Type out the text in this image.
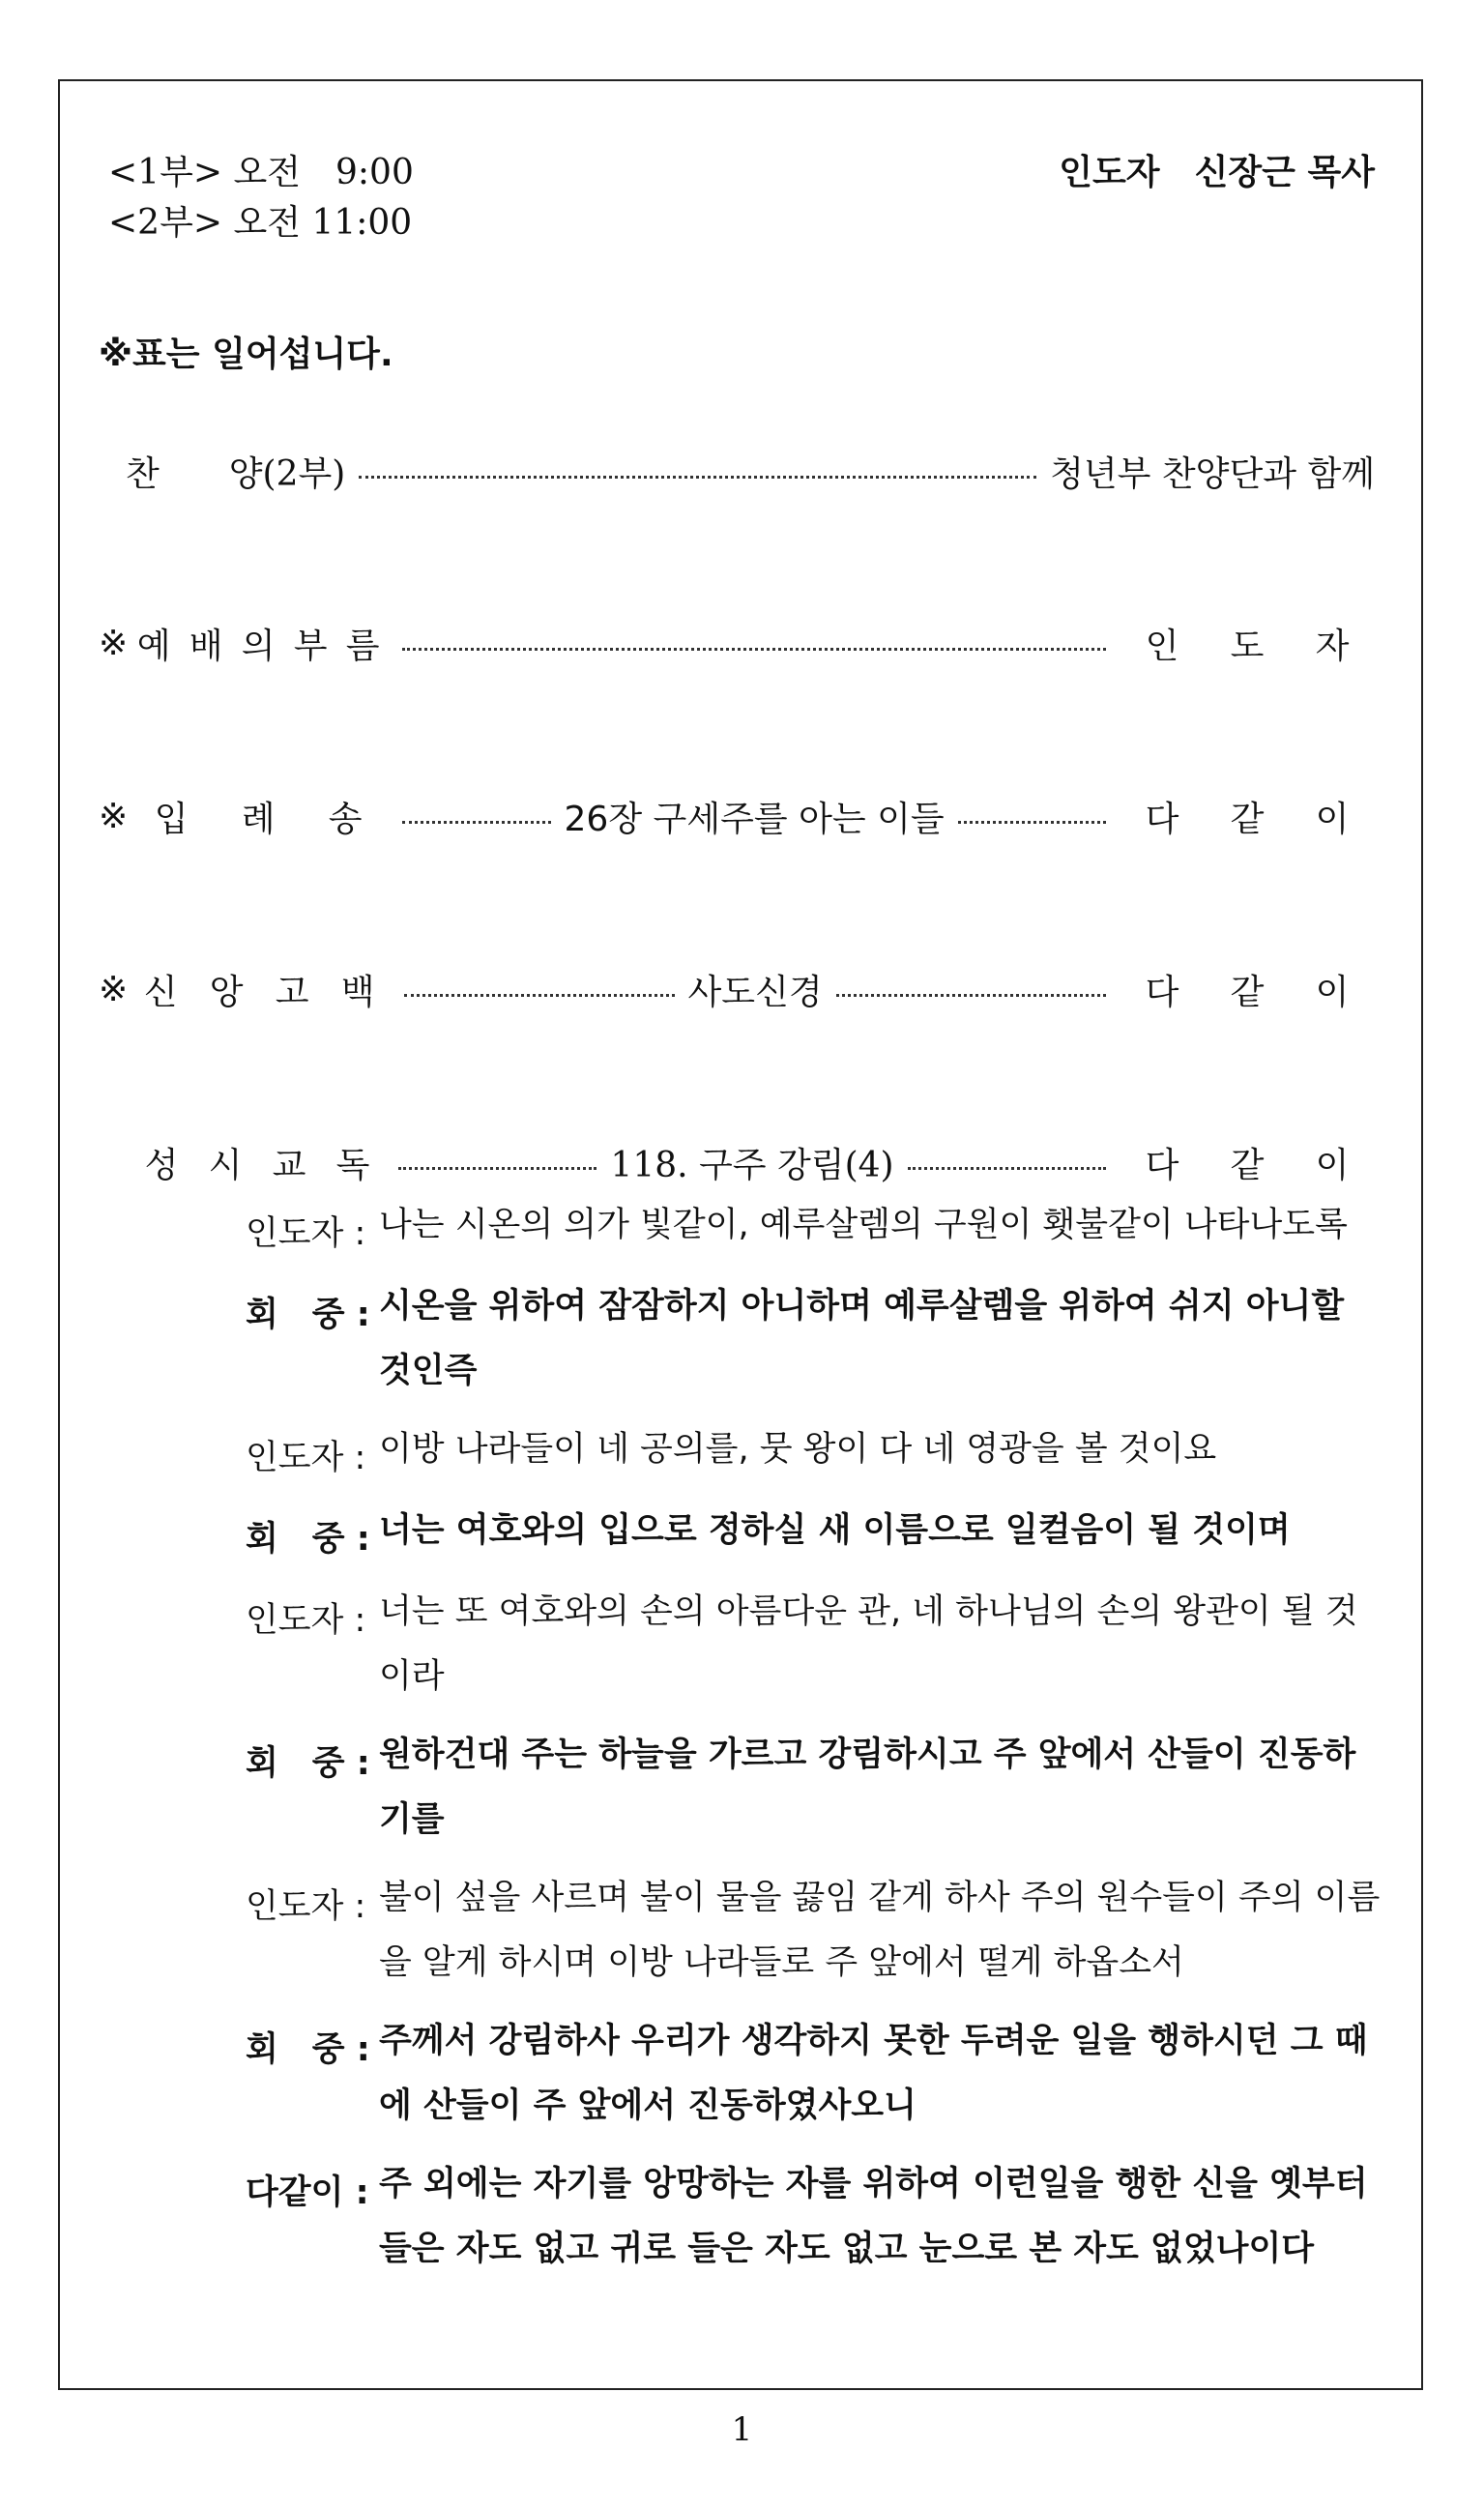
<1부> 오전　9:00
<2부> 오전 11:00
인도자　신장근 목사
※표는 일어섭니다.
찬　　양(2부)	청년부 찬양단과 함께
※ 예 배 의 부 름	인 도 자
※ 입 례 송	26장 구세주를 아는 이들	다 같 이
※ 신 앙 고 백	사도신경	다 같 이
성 시 교 독	118. 구주 강림(4)	다 같 이
인도자 : 나는 시온의 의가 빛같이, 예루살렘의 구원이 횃불같이 나타나도록
회　중 : 시온을 위하여 잠잠하지 아니하며 예루살렘을 위하여 쉬지 아니할 것인즉
인도자 : 이방 나라들이 네 공의를, 뭇 왕이 다 네 영광을 볼 것이요
회　중 : 너는 여호와의 입으로 정하실 새 이름으로 일컬음이 될 것이며
인도자 : 너는 또 여호와의 손의 아름다운 관, 네 하나님의 손의 왕관이 될 것이라
회　중 : 원하건대 주는 하늘을 가르고 강림하시고 주 앞에서 산들이 진동하기를
인도자 : 불이 섶을 사르며 불이 물을 끓임 같게 하사 주의 원수들이 주의 이름을 알게 하시며 이방 나라들로 주 앞에서 떨게 하옵소서
회　중 : 주께서 강림하사 우리가 생각하지 못한 두려운 일을 행하시던 그 때에 산들이 주 앞에서 진동하였사오니
다같이 : 주 외에는 자기를 앙망하는 자를 위하여 이런일을 행한 신을 옛부터 들은 자도 없고 귀로 들은 자도 없고 눈으로 본 자도 없었나이다
1
